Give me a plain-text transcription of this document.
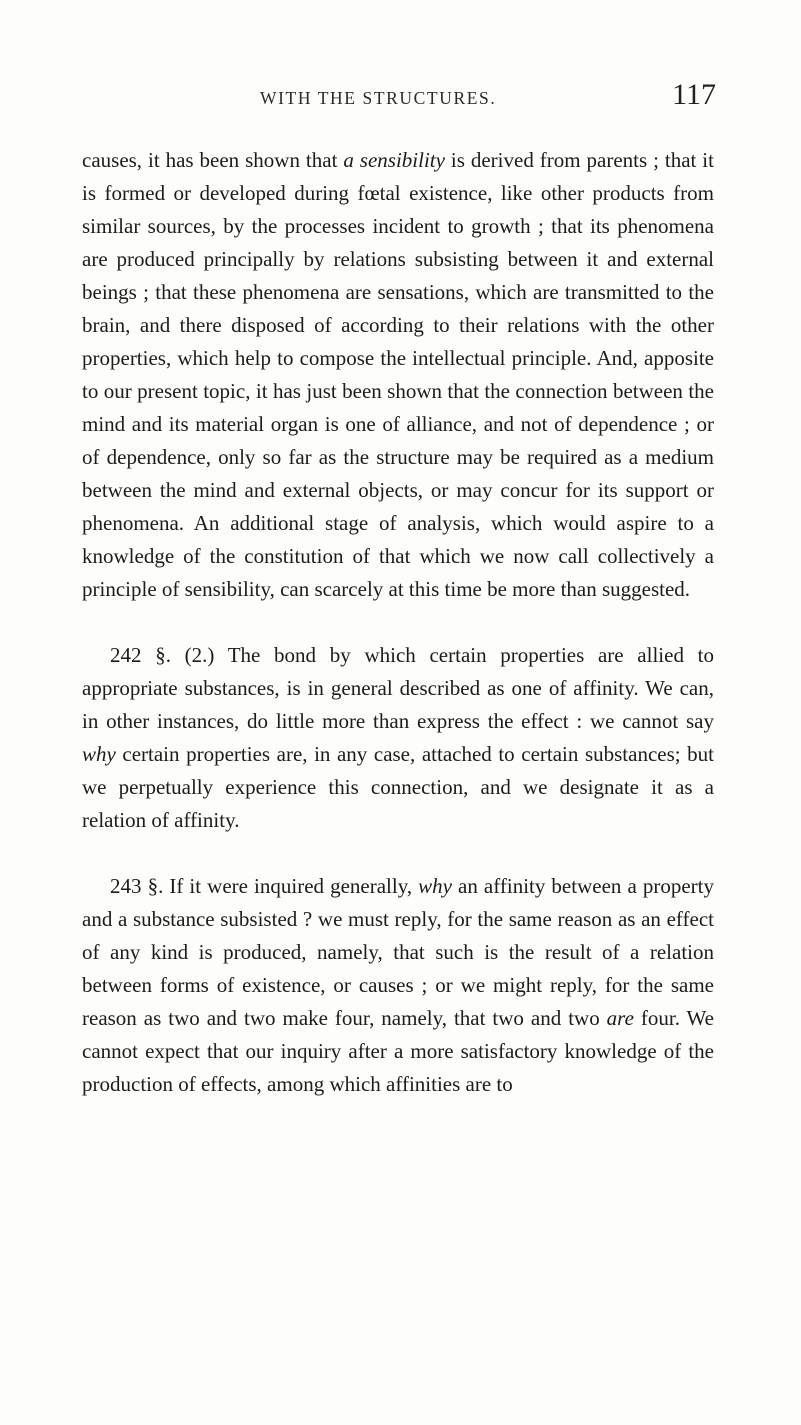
WITH THE STRUCTURES.	117

causes, it has been shown that a sensibility is derived from parents ; that it is formed or developed during fœtal existence, like other products from similar sources, by the processes incident to growth ; that its phenomena are produced principally by relations subsisting between it and external beings ; that these phenomena are sensations, which are transmitted to the brain, and there disposed of according to their relations with the other properties, which help to compose the intellectual principle. And, apposite to our present topic, it has just been shown that the connection between the mind and its material organ is one of alliance, and not of dependence ; or of dependence, only so far as the structure may be required as a medium between the mind and external objects, or may concur for its support or phenomena. An additional stage of analysis, which would aspire to a knowledge of the constitution of that which we now call collectively a principle of sensibility, can scarcely at this time be more than suggested.

242 §. (2.) The bond by which certain properties are allied to appropriate substances, is in general described as one of affinity. We can, in other instances, do little more than express the effect : we cannot say why certain properties are, in any case, attached to certain substances; but we perpetually experience this connection, and we designate it as a relation of affinity.

243 §. If it were inquired generally, why an affinity between a property and a substance subsisted ? we must reply, for the same reason as an effect of any kind is produced, namely, that such is the result of a relation between forms of existence, or causes ; or we might reply, for the same reason as two and two make four, namely, that two and two are four. We cannot expect that our inquiry after a more satisfactory knowledge of the production of effects, among which affinities are to
